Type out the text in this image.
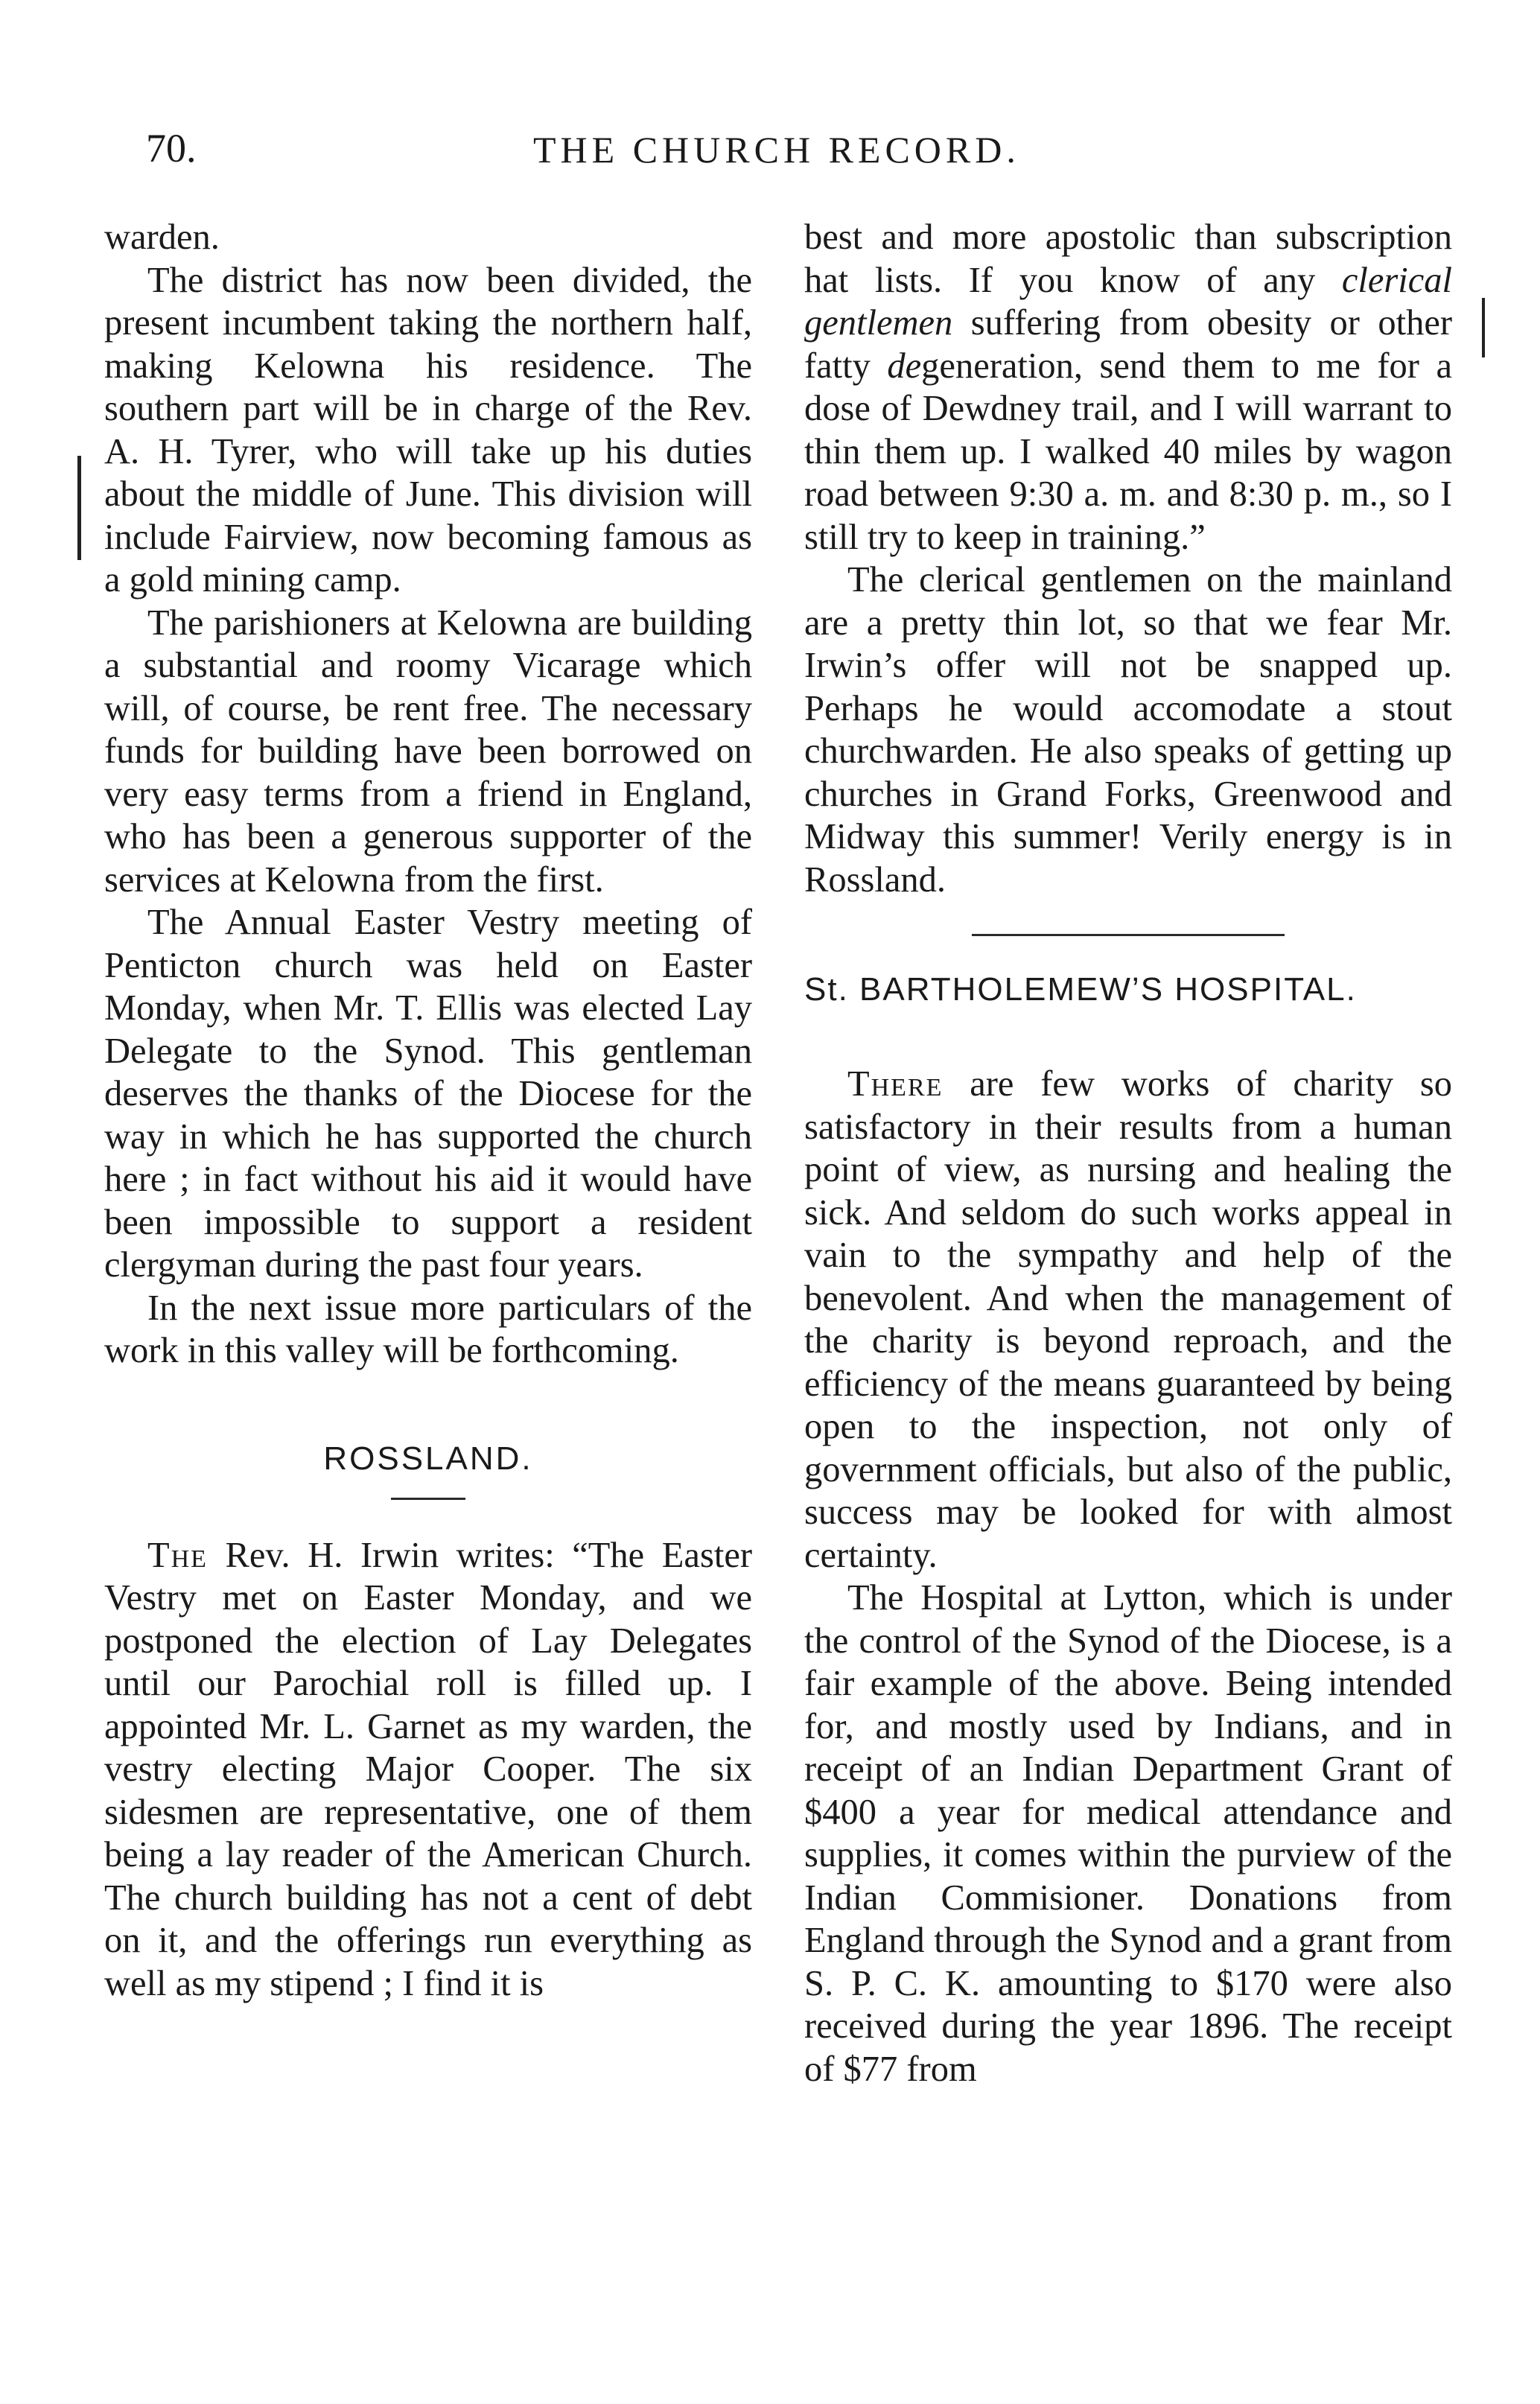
70.	THE CHURCH RECORD.

warden.

The district has now been divided, the present incumbent taking the northern half, making Kelowna his residence. The southern part will be in charge of the Rev. A. H. Tyrer, who will take up his duties about the middle of June. This division will include Fairview, now becoming famous as a gold mining camp.

The parishioners at Kelowna are building a substantial and roomy Vicarage which will, of course, be rent free. The necessary funds for building have been borrowed on very easy terms from a friend in England, who has been a generous supporter of the services at Kelowna from the first.

The Annual Easter Vestry meeting of Penticton church was held on Easter Monday, when Mr. T. Ellis was elected Lay Delegate to the Synod. This gentleman deserves the thanks of the Diocese for the way in which he has supported the church here ; in fact without his aid it would have been impossible to support a resident clergyman during the past four years.

In the next issue more particulars of the work in this valley will be forthcoming.

ROSSLAND.

The Rev. H. Irwin writes: “The Easter Vestry met on Easter Monday, and we postponed the election of Lay Delegates until our Parochial roll is filled up. I appointed Mr. L. Garnet as my warden, the vestry electing Major Cooper. The six sidesmen are representative, one of them being a lay reader of the American Church. The church building has not a cent of debt on it, and the offerings run everything as well as my stipend ; I find it is

best and more apostolic than subscription hat lists. If you know of any clerical gentlemen suffering from obesity or other fatty degeneration, send them to me for a dose of Dewdney trail, and I will warrant to thin them up. I walked 40 miles by wagon road between 9:30 a. m. and 8:30 p. m., so I still try to keep in training.”

The clerical gentlemen on the mainland are a pretty thin lot, so that we fear Mr. Irwin’s offer will not be snapped up. Perhaps he would accomodate a stout churchwarden. He also speaks of getting up churches in Grand Forks, Greenwood and Midway this summer! Verily energy is in Rossland.

St. BARTHOLEMEW’S HOSPITAL.

There are few works of charity so satisfactory in their results from a human point of view, as nursing and healing the sick. And seldom do such works appeal in vain to the sympathy and help of the benevolent. And when the management of the charity is beyond reproach, and the efficiency of the means guaranteed by being open to the inspection, not only of government officials, but also of the public, success may be looked for with almost certainty.

The Hospital at Lytton, which is under the control of the Synod of the Diocese, is a fair example of the above. Being intended for, and mostly used by Indians, and in receipt of an Indian Department Grant of $400 a year for medical attendance and supplies, it comes within the purview of the Indian Commisioner. Donations from England through the Synod and a grant from S. P. C. K. amounting to $170 were also received during the year 1896. The receipt of $77 from
